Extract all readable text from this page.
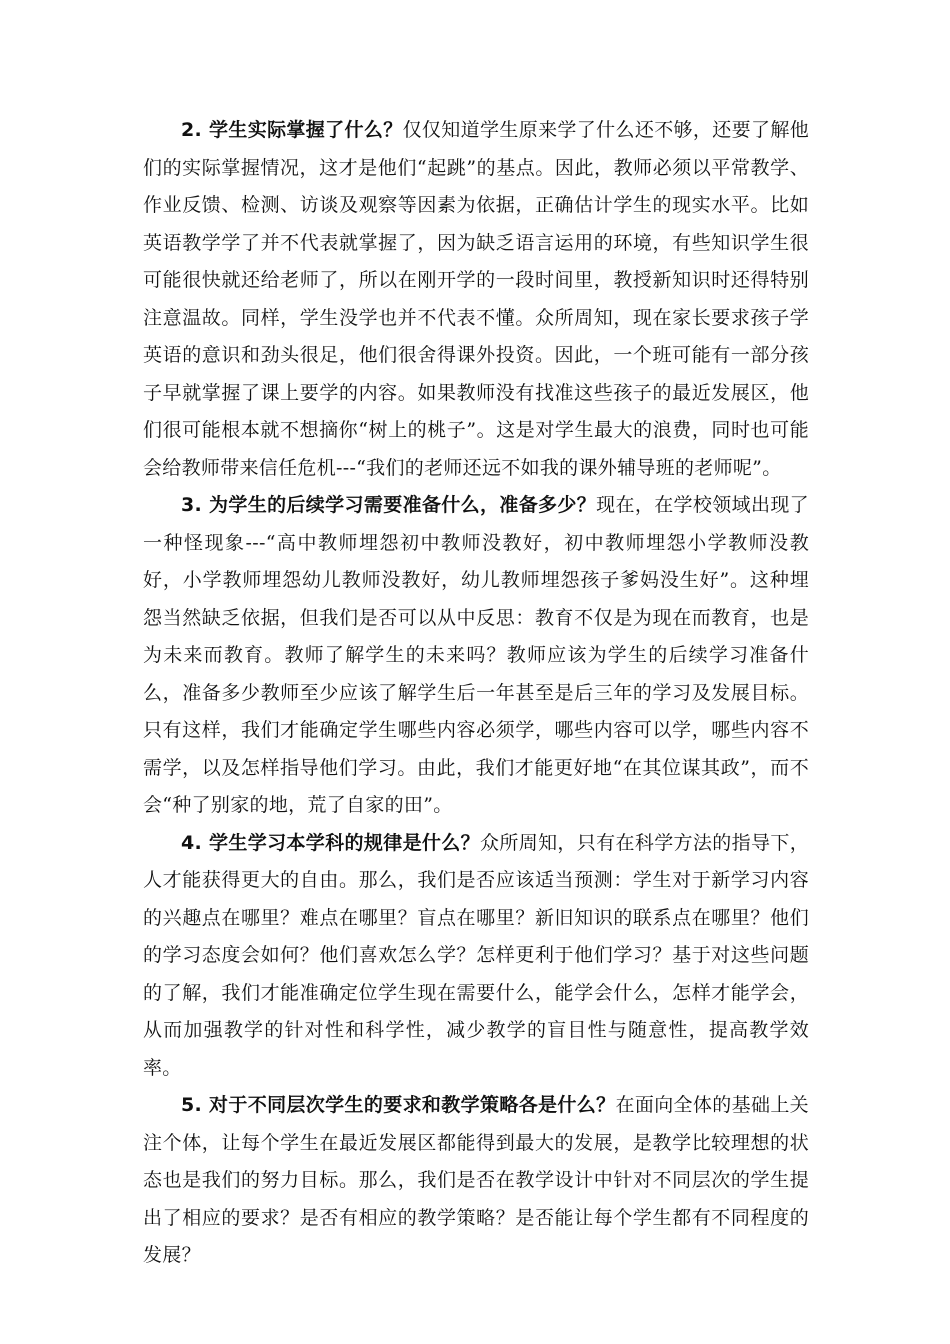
2. 学生实际掌握了什么？仅仅知道学生原来学了什么还不够，还要了解他们的实际掌握情况，这才是他们“起跳”的基点。因此，教师必须以平常教学、作业反馈、检测、访谈及观察等因素为依据，正确估计学生的现实水平。比如英语教学学了并不代表就掌握了，因为缺乏语言运用的环境，有些知识学生很可能很快就还给老师了，所以在刚开学的一段时间里，教授新知识时还得特别注意温故。同样，学生没学也并不代表不懂。众所周知，现在家长要求孩子学英语的意识和劲头很足，他们很舍得课外投资。因此，一个班可能有一部分孩子早就掌握了课上要学的内容。如果教师没有找准这些孩子的最近发展区，他们很可能根本就不想摘你“树上的桃子”。这是对学生最大的浪费，同时也可能会给教师带来信任危机---“我们的老师还远不如我的课外辅导班的老师呢”。

3. 为学生的后续学习需要准备什么，准备多少？现在，在学校领域出现了一种怪现象---“高中教师埋怨初中教师没教好，初中教师埋怨小学教师没教好，小学教师埋怨幼儿教师没教好，幼儿教师埋怨孩子爹妈没生好”。这种埋怨当然缺乏依据，但我们是否可以从中反思：教育不仅是为现在而教育，也是为未来而教育。教师了解学生的未来吗？教师应该为学生的后续学习准备什么，准备多少教师至少应该了解学生后一年甚至是后三年的学习及发展目标。只有这样，我们才能确定学生哪些内容必须学，哪些内容可以学，哪些内容不需学，以及怎样指导他们学习。由此，我们才能更好地“在其位谋其政”，而不会“种了别家的地，荒了自家的田”。

4. 学生学习本学科的规律是什么？众所周知，只有在科学方法的指导下，人才能获得更大的自由。那么，我们是否应该适当预测：学生对于新学习内容的兴趣点在哪里？难点在哪里？盲点在哪里？新旧知识的联系点在哪里？他们的学习态度会如何？他们喜欢怎么学？怎样更利于他们学习？基于对这些问题的了解，我们才能准确定位学生现在需要什么，能学会什么，怎样才能学会，从而加强教学的针对性和科学性，减少教学的盲目性与随意性，提高教学效率。

5. 对于不同层次学生的要求和教学策略各是什么？在面向全体的基础上关注个体，让每个学生在最近发展区都能得到最大的发展，是教学比较理想的状态也是我们的努力目标。那么，我们是否在教学设计中针对不同层次的学生提出了相应的要求？是否有相应的教学策略？是否能让每个学生都有不同程度的发展？
